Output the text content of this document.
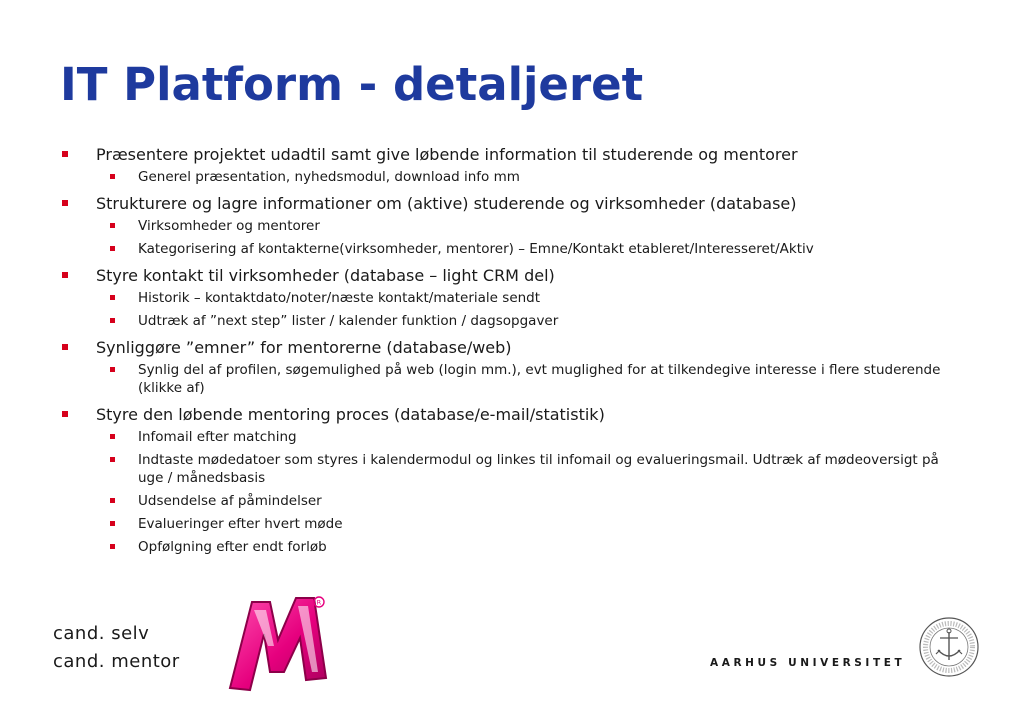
IT Platform - detaljeret
Præsentere projektet udadtil samt give løbende information til studerende og mentorer
Generel præsentation, nyhedsmodul, download info mm
Strukturere og lagre informationer om (aktive) studerende og virksomheder (database)
Virksomheder og mentorer
Kategorisering af kontakterne(virksomheder, mentorer) – Emne/Kontakt etableret/Interesseret/Aktiv
Styre kontakt til virksomheder (database – light CRM del)
Historik – kontaktdato/noter/næste kontakt/materiale sendt
Udtræk af ”next step” lister / kalender funktion / dagsopgaver
Synliggøre ”emner” for mentorerne (database/web)
Synlig del af profilen, søgemulighed på web (login mm.), evt muglighed for at tilkendegive interesse i flere studerende (klikke af)
Styre den løbende mentoring proces (database/e-mail/statistik)
Infomail efter matching
Indtaste mødedatoer som styres i kalendermodul og linkes til infomail og evalueringsmail. Udtræk af mødeoversigt på uge / månedsbasis
Udsendelse af påmindelser
Evalueringer efter hvert møde
Opfølgning efter endt forløb
cand. selv
cand. mentor
R
AARHUS UNIVERSITET
